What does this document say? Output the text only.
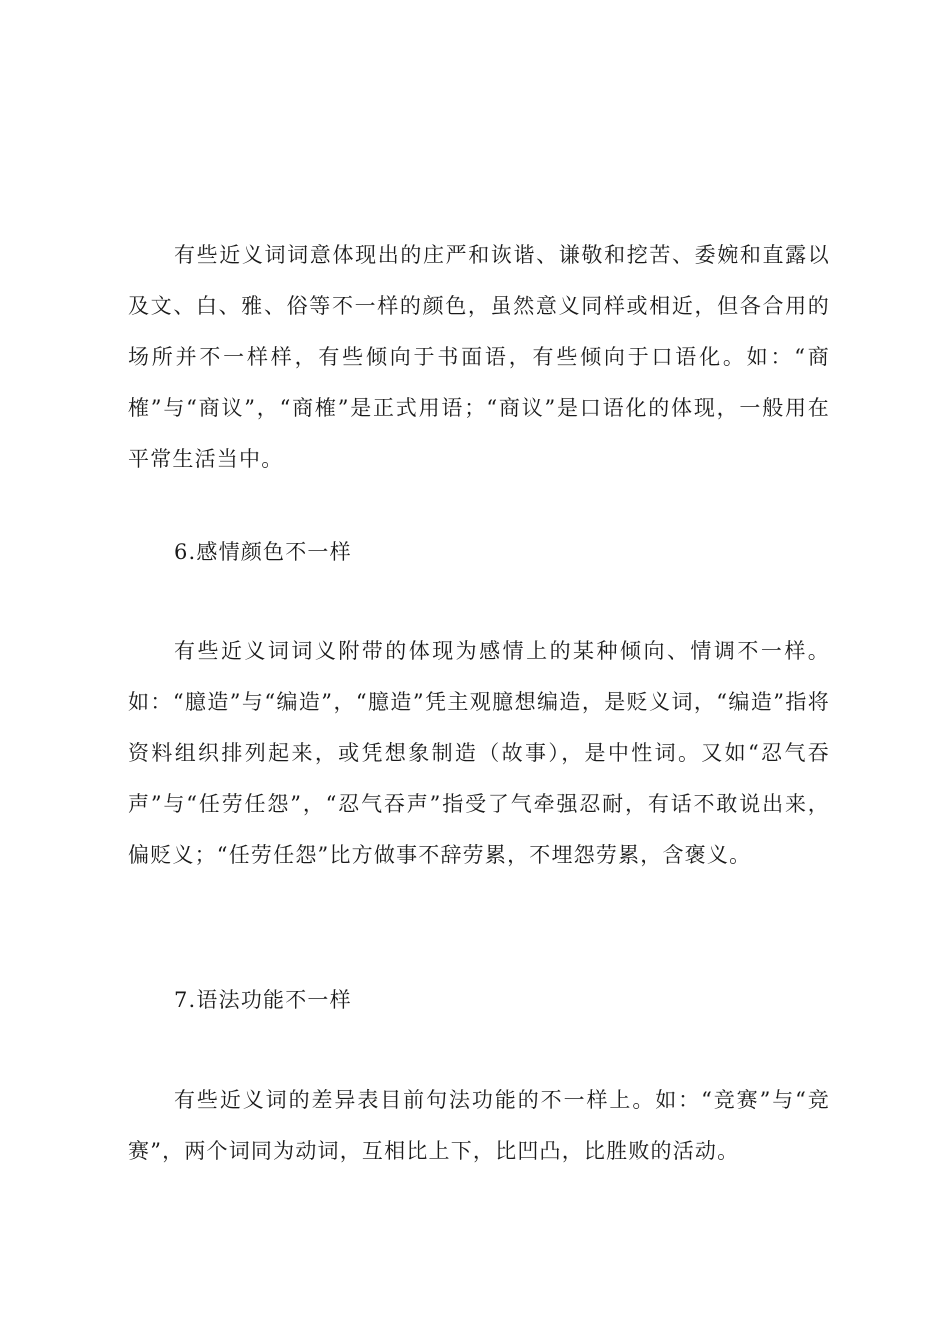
有些近义词词意体现出的庄严和诙谐、谦敬和挖苦、委婉和直露以及文、白、雅、俗等不一样的颜色，虽然意义同样或相近，但各合用的场所并不一样样，有些倾向于书面语，有些倾向于口语化。如：“商榷”与“商议”，“商榷”是正式用语；“商议”是口语化的体现，一般用在平常生活当中。

6.感情颜色不一样

有些近义词词义附带的体现为感情上的某种倾向、情调不一样。如：“臆造”与“编造”，“臆造”凭主观臆想编造，是贬义词，“编造”指将资料组织排列起来，或凭想象制造（故事），是中性词。又如“忍气吞声”与“任劳任怨”，“忍气吞声”指受了气牵强忍耐，有话不敢说出来，偏贬义；“任劳任怨”比方做事不辞劳累，不埋怨劳累，含褒义。

7.语法功能不一样

有些近义词的差异表目前句法功能的不一样上。如：“竞赛”与“竞赛”，两个词同为动词，互相比上下，比凹凸，比胜败的活动。
